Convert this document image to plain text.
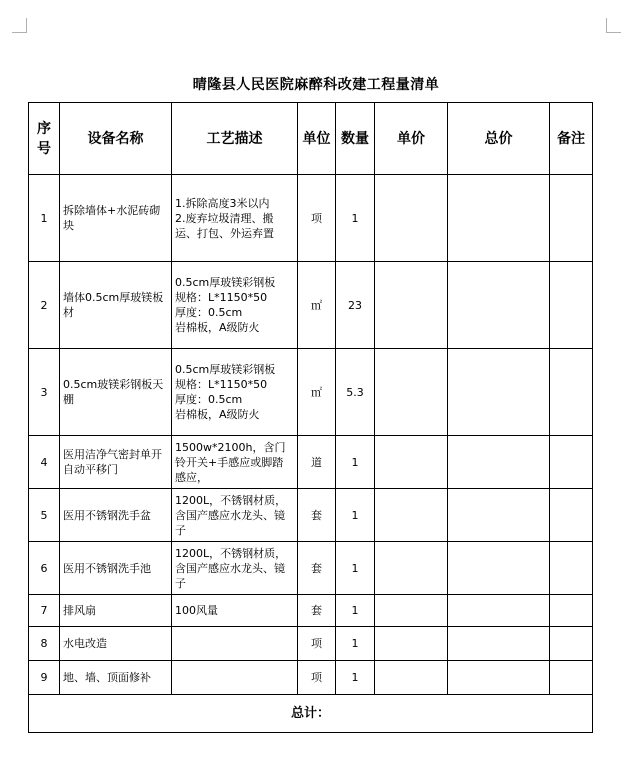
晴隆县人民医院麻醉科改建工程量清单
序号	设备名称	工艺描述	单位	数量	单价	总价	备注
1	拆除墙体+水泥砖砌块	1.拆除高度3米以内
2.废弃垃圾清理、搬运、打包、外运弃置	项	1			
2	墙体0.5cm厚玻镁板材	0.5cm厚玻镁彩钢板
规格：L*1150*50
厚度：0.5cm
岩棉板，A级防火	㎡	23			
3	0.5cm玻镁彩钢板天棚	0.5cm厚玻镁彩钢板
规格：L*1150*50
厚度：0.5cm
岩棉板，A级防火	㎡	5.3			
4	医用洁净气密封单开自动平移门	1500w*2100h，含门铃开关+手感应或脚踏感应，	道	1			
5	医用不锈钢洗手盆	1200L，不锈钢材质，含国产感应水龙头、镜子	套	1			
6	医用不锈钢洗手池	1200L，不锈钢材质，含国产感应水龙头、镜子	套	1			
7	排风扇	100风量	套	1			
8	水电改造		项	1			
9	地、墙、顶面修补		项	1			
总计：							
